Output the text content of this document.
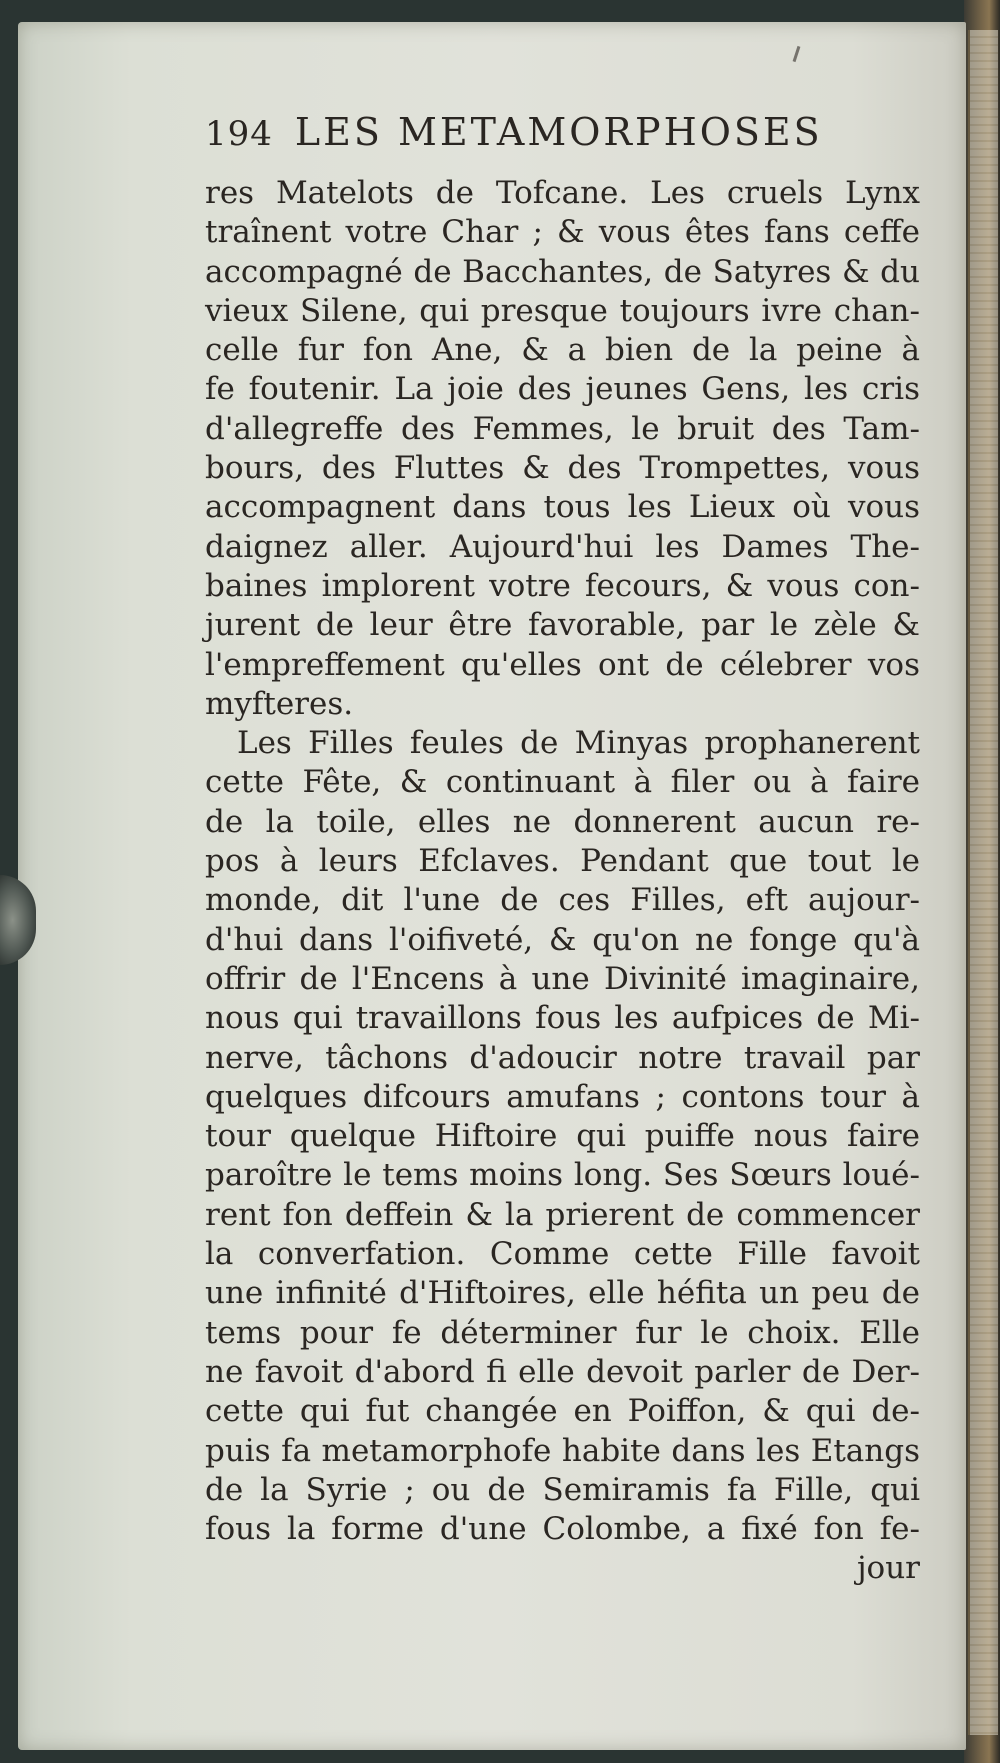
194 LES METAMORPHOSES
res Matelots de Tofcane. Les cruels Lynx
traînent votre Char ; & vous êtes fans ceffe
accompagné de Bacchantes, de Satyres & du
vieux Silene, qui presque toujours ivre chan-
celle fur fon Ane, & a bien de la peine à
fe foutenir. La joie des jeunes Gens, les cris
d'allegreffe des Femmes, le bruit des Tam-
bours, des Fluttes & des Trompettes, vous
accompagnent dans tous les Lieux où vous
daignez aller. Aujourd'hui les Dames The-
baines implorent votre fecours, & vous con-
jurent de leur être favorable, par le zèle &
l'empreffement qu'elles ont de célebrer vos
myfteres.
Les Filles feules de Minyas prophanerent
cette Fête, & continuant à filer ou à faire
de la toile, elles ne donnerent aucun re-
pos à leurs Efclaves. Pendant que tout le
monde, dit l'une de ces Filles, eft aujour-
d'hui dans l'oifiveté, & qu'on ne fonge qu'à
offrir de l'Encens à une Divinité imaginaire,
nous qui travaillons fous les aufpices de Mi-
nerve, tâchons d'adoucir notre travail par
quelques difcours amufans ; contons tour à
tour quelque Hiftoire qui puiffe nous faire
paroître le tems moins long. Ses Sœurs loué-
rent fon deffein & la prierent de commencer
la converfation. Comme cette Fille favoit
une infinité d'Hiftoires, elle héfita un peu de
tems pour fe déterminer fur le choix. Elle
ne favoit d'abord fi elle devoit parler de Der-
cette qui fut changée en Poiffon, & qui de-
puis fa metamorphofe habite dans les Etangs
de la Syrie ; ou de Semiramis fa Fille, qui
fous la forme d'une Colombe, a fixé fon fe-
jour
